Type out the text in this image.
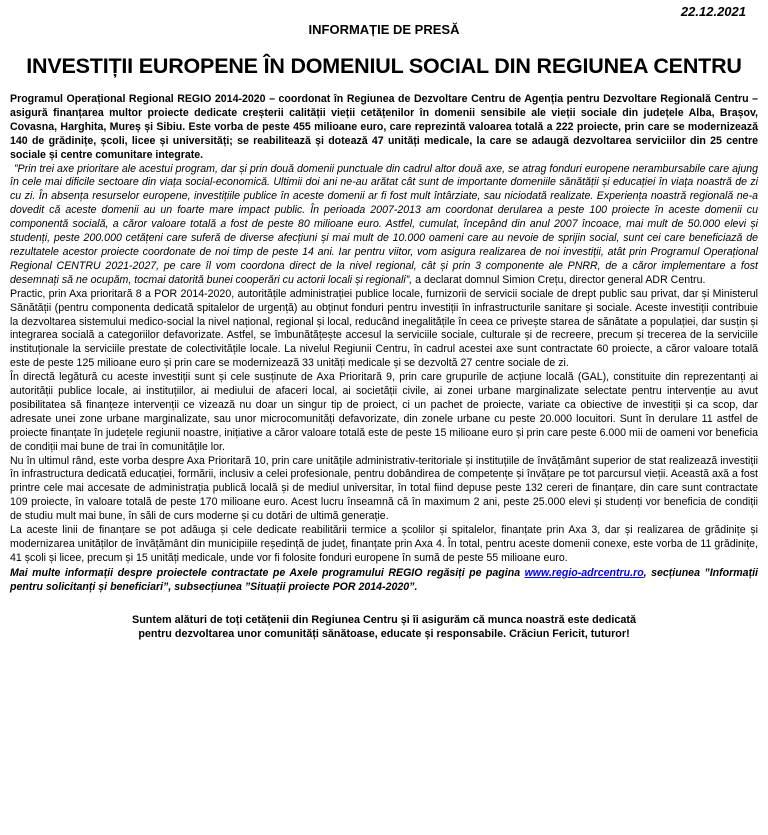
22.12.2021
INFORMAȚIE DE PRESĂ
INVESTIȚII EUROPENE ÎN DOMENIUL SOCIAL DIN REGIUNEA CENTRU

Programul Operațional Regional REGIO 2014-2020 – coordonat în Regiunea de Dezvoltare Centru de Agenția pentru Dezvoltare Regională Centru – asigură finanțarea multor proiecte dedicate creșterii calității vieții cetățenilor în domenii sensibile ale vieții sociale din județele Alba, Brașov, Covasna, Harghita, Mureș și Sibiu. Este vorba de peste 455 milioane euro, care reprezintă valoarea totală a 222 proiecte, prin care se modernizează 140 de grădinițe, școli, licee și universități; se reabilitează și dotează 47 unități medicale, la care se adaugă dezvoltarea serviciilor din 25 centre sociale și centre comunitare integrate.

”Prin trei axe prioritare ale acestui program, dar și prin două domenii punctuale din cadrul altor două axe, se atrag fonduri europene nerambursabile care ajung în cele mai dificile sectoare din viața social-economică. Ultimii doi ani ne-au arătat cât sunt de importante domeniile sănătății și educației în viața noastră de zi cu zi. În absența resurselor europene, investițiile publice în aceste domenii ar fi fost mult întârziate, sau niciodată realizate. Experiența noastră regională ne-a dovedit că aceste domenii au un foarte mare impact public. În perioada 2007-2013 am coordonat derularea a peste 100 proiecte în aceste domenii cu componentă socială, a căror valoare totală a fost de peste 80 milioane euro. Astfel, cumulat, începând din anul 2007 încoace, mai mult de 50.000 elevi și studenți, peste 200.000 cetățeni care suferă de diverse afecțiuni și mai mult de 10.000 oameni care au nevoie de sprijin social, sunt cei care beneficiază de rezultatele acestor proiecte coordonate de noi timp de peste 14 ani. Iar pentru viitor, vom asigura realizarea de noi investiții, atât prin Programul Operațional Regional CENTRU 2021-2027, pe care îl vom coordona direct de la nivel regional, cât și prin 3 componente ale PNRR, de a căror implementare a fost desemnați să ne ocupăm, tocmai datorită bunei cooperări cu actorii locali și regionali”, a declarat domnul Simion Crețu, director general ADR Centru.

Practic, prin Axa prioritară 8 a POR 2014-2020, autoritățile administrației publice locale, furnizorii de servicii sociale de drept public sau privat, dar și Ministerul Sănătății (pentru componenta dedicată spitalelor de urgență) au obținut fonduri pentru investiții în infrastructurile sanitare și sociale. Aceste investiții contribuie la dezvoltarea sistemului medico-social la nivel național, regional și local, reducând inegalitățile în ceea ce privește starea de sănătate a populației, dar susțin și integrarea socială a categoriilor defavorizate. Astfel, se îmbunătățește accesul la serviciile sociale, culturale și de recreere, precum și trecerea de la serviciile instituționale la serviciile prestate de colectivitățile locale. La nivelul Regiunii Centru, în cadrul acestei axe sunt contractate 60 proiecte, a căror valoare totală este de peste 125 milioane euro și prin care se modernizează 33 unități medicale și se dezvoltă 27 centre sociale de zi.

În directă legătură cu aceste investiții sunt și cele susținute de Axa Prioritară 9, prin care grupurile de acțiune locală (GAL), constituite din reprezentanți ai autorității publice locale, ai instituțiilor, ai mediului de afaceri local, ai societății civile, ai zonei urbane marginalizate selectate pentru intervenție au avut posibilitatea să finanțeze intervenții ce vizează nu doar un singur tip de proiect, ci un pachet de proiecte, variate ca obiective de investiții și ca scop, dar adresate unei zone urbane marginalizate, sau unor microcomunități defavorizate, din zonele urbane cu peste 20.000 locuitori. Sunt în derulare 11 astfel de proiecte finanțate în județele regiunii noastre, inițiative a căror valoare totală este de peste 15 milioane euro și prin care peste 6.000 mii de oameni vor beneficia de condiții mai bune de trai în comunitățile lor.

Nu în ultimul rând, este vorba despre Axa Prioritară 10, prin care unitățile administrativ-teritoriale și instituțiile de învățământ superior de stat realizează investiții în infrastructura dedicată educației, formării, inclusiv a celei profesionale, pentru dobândirea de competențe și învățare pe tot parcursul vieții. Această axă a fost printre cele mai accesate de administrația publică locală și de mediul universitar, în total fiind depuse peste 132 cereri de finanțare, din care sunt contractate 109 proiecte, în valoare totală de peste 170 milioane euro. Acest lucru înseamnă că în maximum 2 ani, peste 25.000 elevi și studenți vor beneficia de condiții de studiu mult mai bune, în săli de curs moderne și cu dotări de ultimă generație.

La aceste linii de finanțare se pot adăuga și cele dedicate reabilitării termice a școlilor și spitalelor, finanțate prin Axa 3, dar și realizarea de grădinițe și modernizarea unităților de învățământ din municipiile reședință de județ, finanțate prin Axa 4. În total, pentru aceste domenii conexe, este vorba de 11 grădinițe, 41 școli și licee, precum și 15 unități medicale, unde vor fi folosite fonduri europene în sumă de peste 55 milioane euro.

Mai multe informații despre proiectele contractate pe Axele programului REGIO regăsiți pe pagina www.regio-adrcentru.ro, secțiunea ”Informații pentru solicitanți și beneficiari”, subsecțiunea ”Situații proiecte POR 2014-2020”.

Suntem alături de toți cetățenii din Regiunea Centru și îi asigurăm că munca noastră este dedicată
pentru dezvoltarea unor comunități sănătoase, educate și responsabile. Crăciun Fericit, tuturor!
